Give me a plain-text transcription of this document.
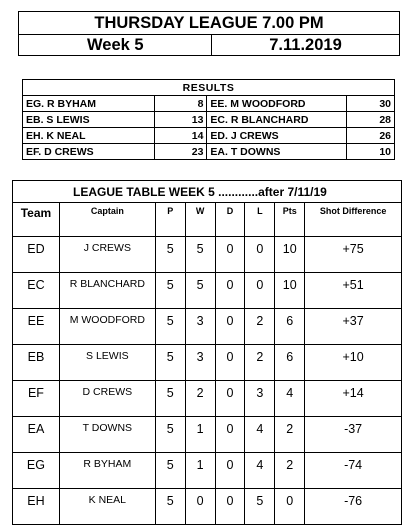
THURSDAY LEAGUE 7.00 PM
Week 5	7.11.2019
RESULTS			
EG. R BYHAM	8	EE. M WOODFORD	30
EB. S LEWIS	13	EC. R BLANCHARD	28
EH. K NEAL	14	ED. J CREWS	26
EF. D CREWS	23	EA. T DOWNS	10
LEAGUE TABLE WEEK 5 ............after 7/11/19							
Team	Captain	P	W	D	L	Pts	Shot Difference
ED	J CREWS	5	5	0	0	10	+75
EC	R BLANCHARD	5	5	0	0	10	+51
EE	M WOODFORD	5	3	0	2	6	+37
EB	S LEWIS	5	3	0	2	6	+10
EF	D CREWS	5	2	0	3	4	+14
EA	T DOWNS	5	1	0	4	2	-37
EG	R BYHAM	5	1	0	4	2	-74
EH	K NEAL	5	0	0	5	0	-76
